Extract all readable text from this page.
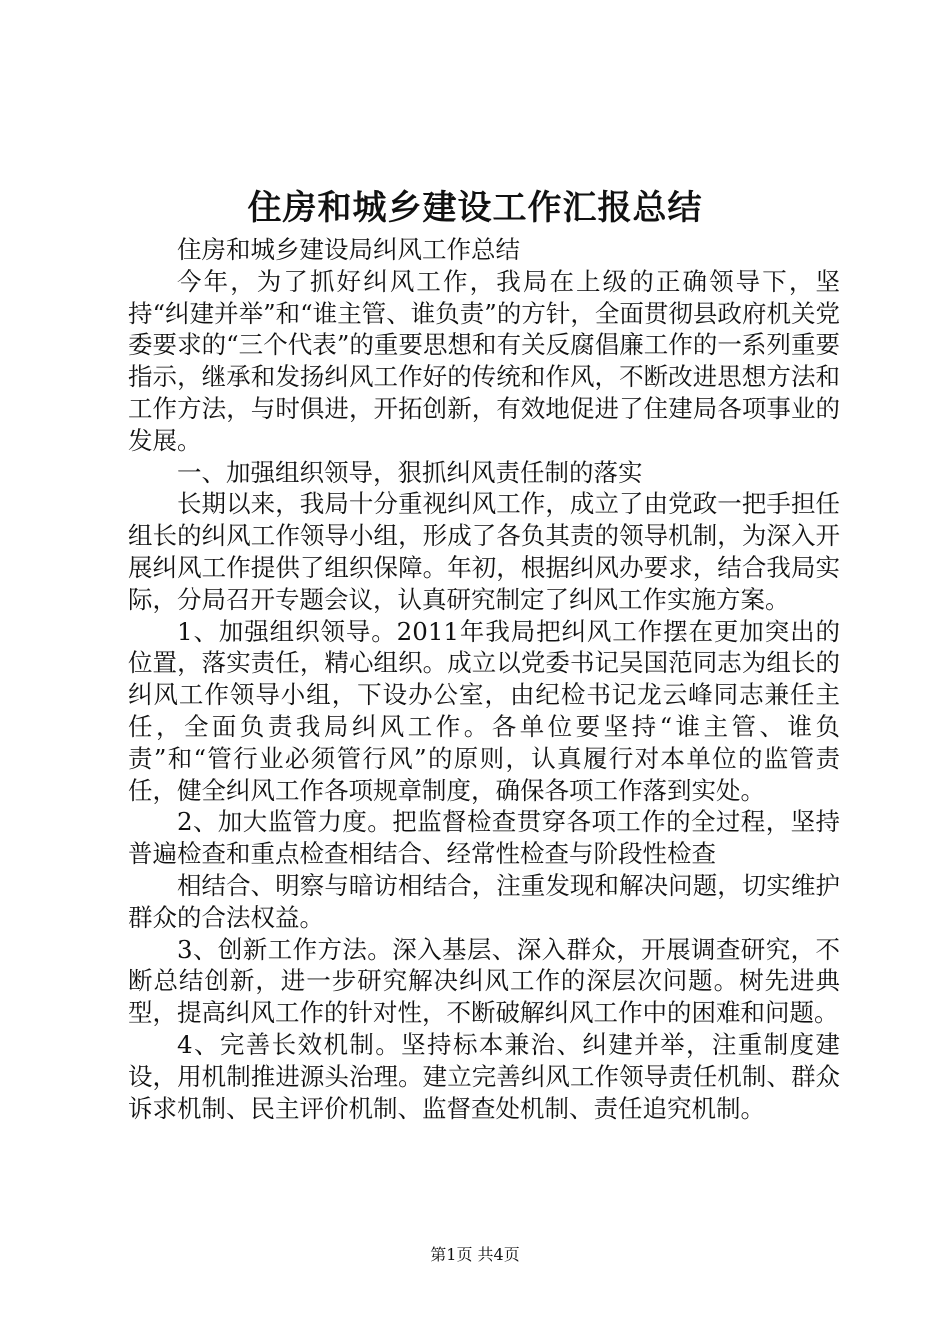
住房和城乡建设工作汇报总结

住房和城乡建设局纠风工作总结

今年，为了抓好纠风工作，我局在上级的正确领导下，坚持“纠建并举”和“谁主管、谁负责”的方针，全面贯彻县政府机关党委要求的“三个代表”的重要思想和有关反腐倡廉工作的一系列重要指示，继承和发扬纠风工作好的传统和作风，不断改进思想方法和工作方法，与时俱进，开拓创新，有效地促进了住建局各项事业的发展。

一、加强组织领导，狠抓纠风责任制的落实

长期以来，我局十分重视纠风工作，成立了由党政一把手担任组长的纠风工作领导小组，形成了各负其责的领导机制，为深入开展纠风工作提供了组织保障。年初，根据纠风办要求，结合我局实际，分局召开专题会议，认真研究制定了纠风工作实施方案。

1、加强组织领导。2011年我局把纠风工作摆在更加突出的位置，落实责任，精心组织。成立以党委书记吴国范同志为组长的纠风工作领导小组，下设办公室，由纪检书记龙云峰同志兼任主任，全面负责我局纠风工作。各单位要坚持“谁主管、谁负责”和“管行业必须管行风”的原则，认真履行对本单位的监管责任，健全纠风工作各项规章制度，确保各项工作落到实处。

2、加大监管力度。把监督检查贯穿各项工作的全过程，坚持普遍检查和重点检查相结合、经常性检查与阶段性检查

相结合、明察与暗访相结合，注重发现和解决问题，切实维护群众的合法权益。

3、创新工作方法。深入基层、深入群众，开展调查研究，不断总结创新，进一步研究解决纠风工作的深层次问题。树先进典型，提高纠风工作的针对性，不断破解纠风工作中的困难和问题。

4、完善长效机制。坚持标本兼治、纠建并举，注重制度建设，用机制推进源头治理。建立完善纠风工作领导责任机制、群众诉求机制、民主评价机制、监督查处机制、责任追究机制。

第1页 共4页
